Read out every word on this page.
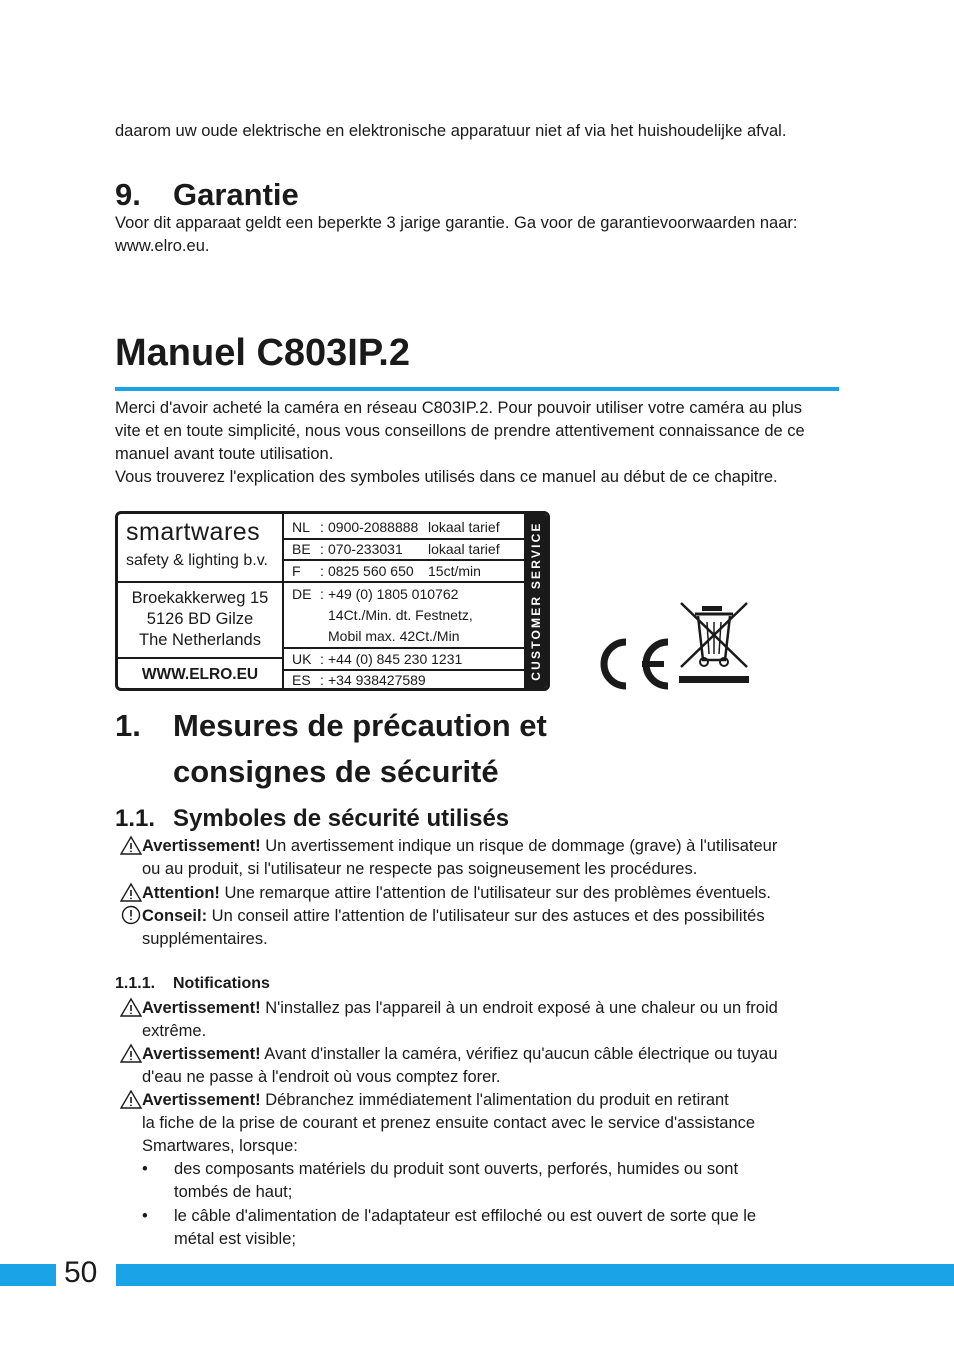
daarom uw oude elektrische en elektronische apparatuur niet af via het huishoudelijke afval.

9. Garantie

Voor dit apparaat geldt een beperkte 3 jarige garantie. Ga voor de garantievoorwaarden naar: www.elro.eu.

Manuel C803IP.2

Merci d'avoir acheté la caméra en réseau C803IP.2. Pour pouvoir utiliser votre caméra au plus vite et en toute simplicité, nous vous conseillons de prendre attentivement connaissance de ce manuel avant toute utilisation.

Vous trouverez l'explication des symboles utilisés dans ce manuel au début de ce chapitre.

smartwares
safety & lighting b.v.
Broekakkerweg 15
5126 BD Gilze
The Netherlands
WWW.ELRO.EU
NL : 0900-2088888 lokaal tarief
BE : 070-233031 lokaal tarief
F : 0825 560 650 15ct/min
DE : +49 (0) 1805 010762
14Ct./Min. dt. Festnetz,
Mobil max. 42Ct./Min
UK : +44 (0) 845 230 1231
ES : +34 938427589	CUSTOMER SERVICE
1. Mesures de précaution et
consignes de sécurité
1.1. Symboles de sécurité utilisés
Avertissement! Un avertissement indique un risque de dommage (grave) à l'utilisateur
ou au produit, si l'utilisateur ne respecte pas soigneusement les procédures.
Attention! Une remarque attire l'attention de l'utilisateur sur des problèmes éventuels.
Conseil: Un conseil attire l'attention de l'utilisateur sur des astuces et des possibilités
supplémentaires.
1.1.1. Notifications
Avertissement! N'installez pas l'appareil à un endroit exposé à une chaleur ou un froid
extrême.
Avertissement! Avant d'installer la caméra, vérifiez qu'aucun câble électrique ou tuyau
d'eau ne passe à l'endroit où vous comptez forer.
Avertissement! Débranchez immédiatement l'alimentation du produit en retirant
la fiche de la prise de courant et prenez ensuite contact avec le service d'assistance
Smartwares, lorsque:
• des composants matériels du produit sont ouverts, perforés, humides ou sont
tombés de haut;
• le câble d'alimentation de l'adaptateur est effiloché ou est ouvert de sorte que le
métal est visible;
50
